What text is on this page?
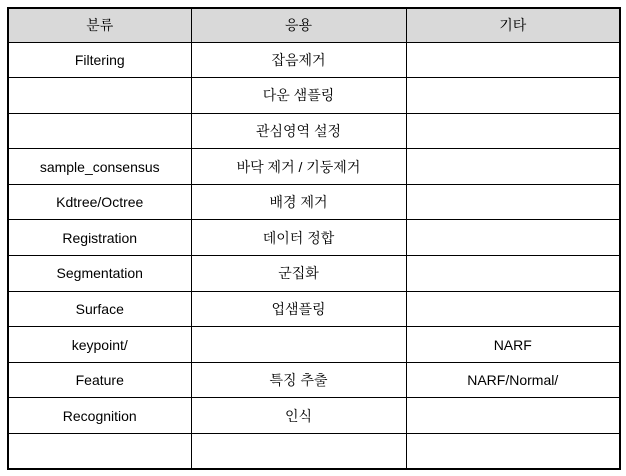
분류	응용	기타
Filtering	잡음제거	
	다운 샘플링	
	관심영역 설정	
sample_consensus	바닥 제거 / 기둥제거	
Kdtree/Octree	배경 제거	
Registration	데이터 정합	
Segmentation	군집화	
Surface	업샘플링	
keypoint/		NARF
Feature	특징 추출	NARF/Normal/
Recognition	인식	
